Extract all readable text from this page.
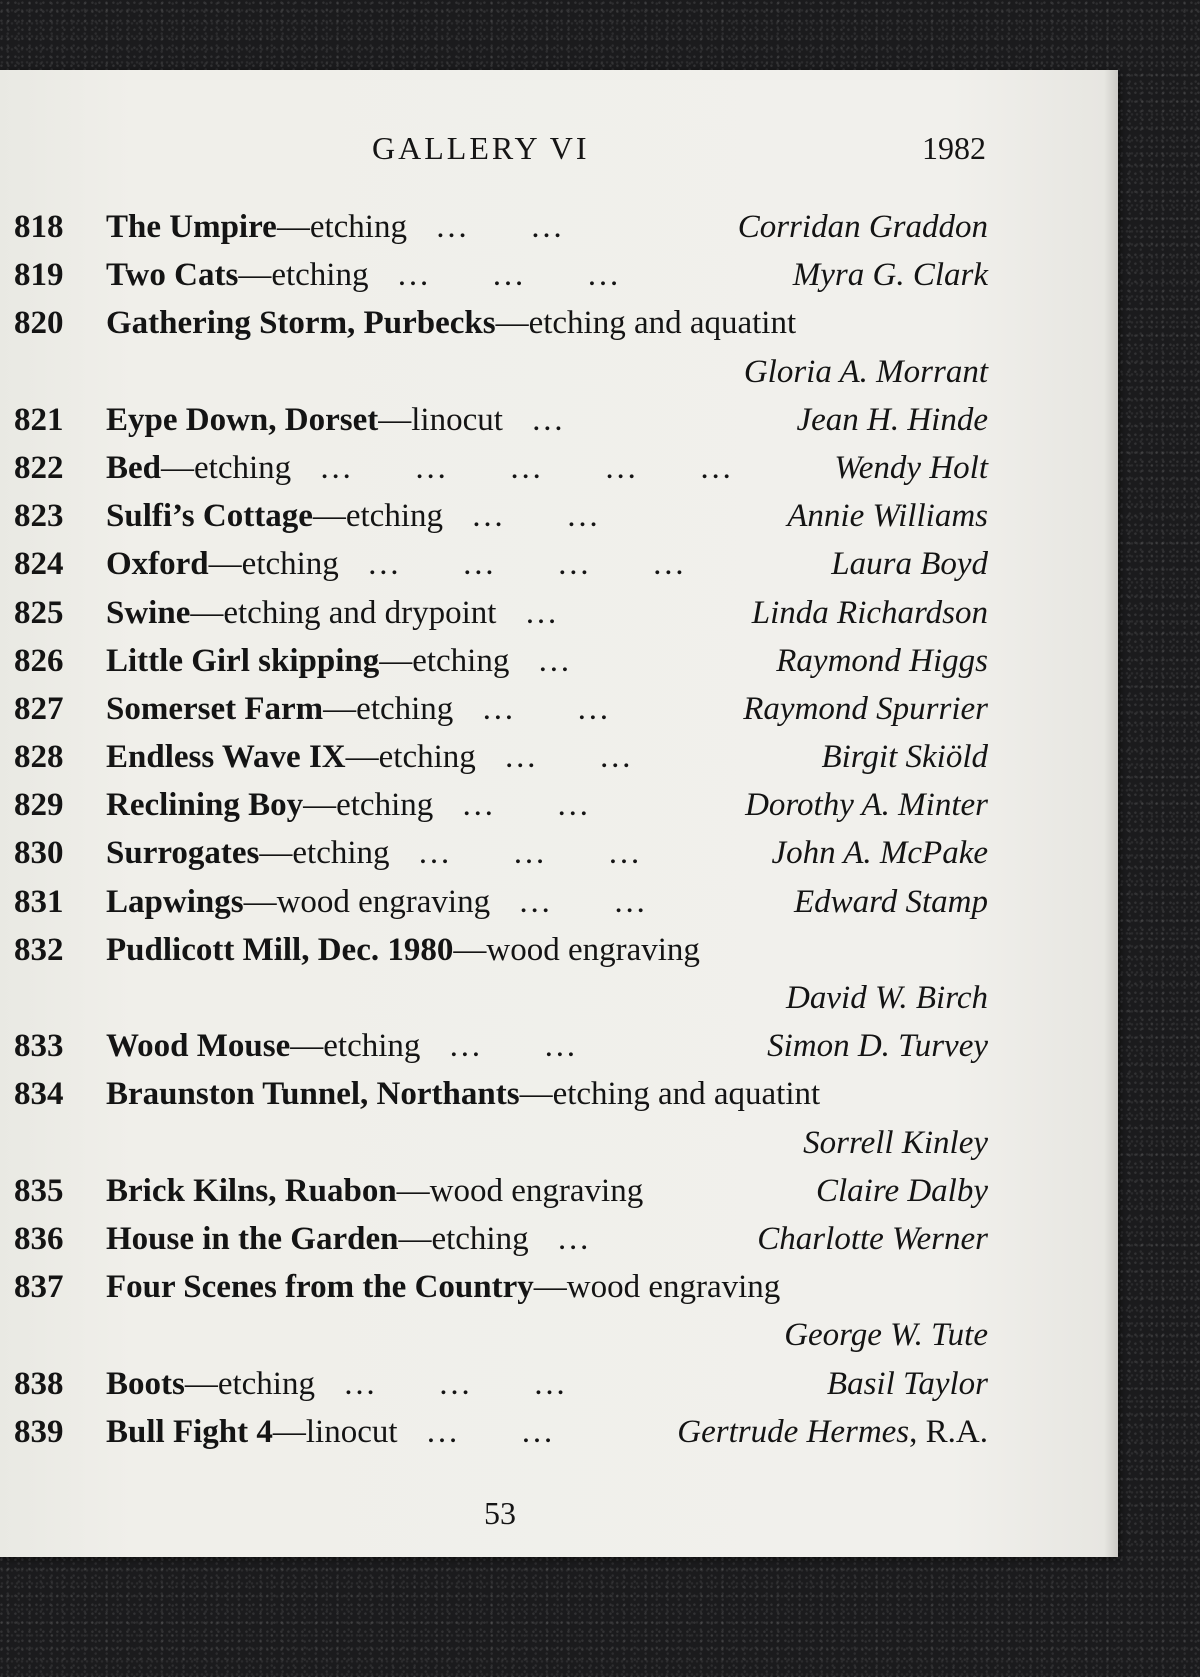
GALLERY VI	1982
818 The Umpire—etching … …	Corridan Graddon
819 Two Cats—etching … … …	Myra G. Clark
820 Gathering Storm, Purbecks—etching and aquatint
Gloria A. Morrant
821 Eype Down, Dorset—linocut …	Jean H. Hinde
822 Bed—etching … … … … …	Wendy Holt
823 Sulfi’s Cottage—etching … …	Annie Williams
824 Oxford—etching … … … …	Laura Boyd
825 Swine—etching and drypoint …	Linda Richardson
826 Little Girl skipping—etching …	Raymond Higgs
827 Somerset Farm—etching … …	Raymond Spurrier
828 Endless Wave IX—etching … …	Birgit Skiöld
829 Reclining Boy—etching … …	Dorothy A. Minter
830 Surrogates—etching … … …	John A. McPake
831 Lapwings—wood engraving … …	Edward Stamp
832 Pudlicott Mill, Dec. 1980—wood engraving
David W. Birch
833 Wood Mouse—etching … …	Simon D. Turvey
834 Braunston Tunnel, Northants—etching and aquatint
Sorrell Kinley
835 Brick Kilns, Ruabon—wood engraving	Claire Dalby
836 House in the Garden—etching …	Charlotte Werner
837 Four Scenes from the Country—wood engraving
George W. Tute
838 Boots—etching … … …	Basil Taylor
839 Bull Fight 4—linocut … …	Gertrude Hermes, R.A.
53
